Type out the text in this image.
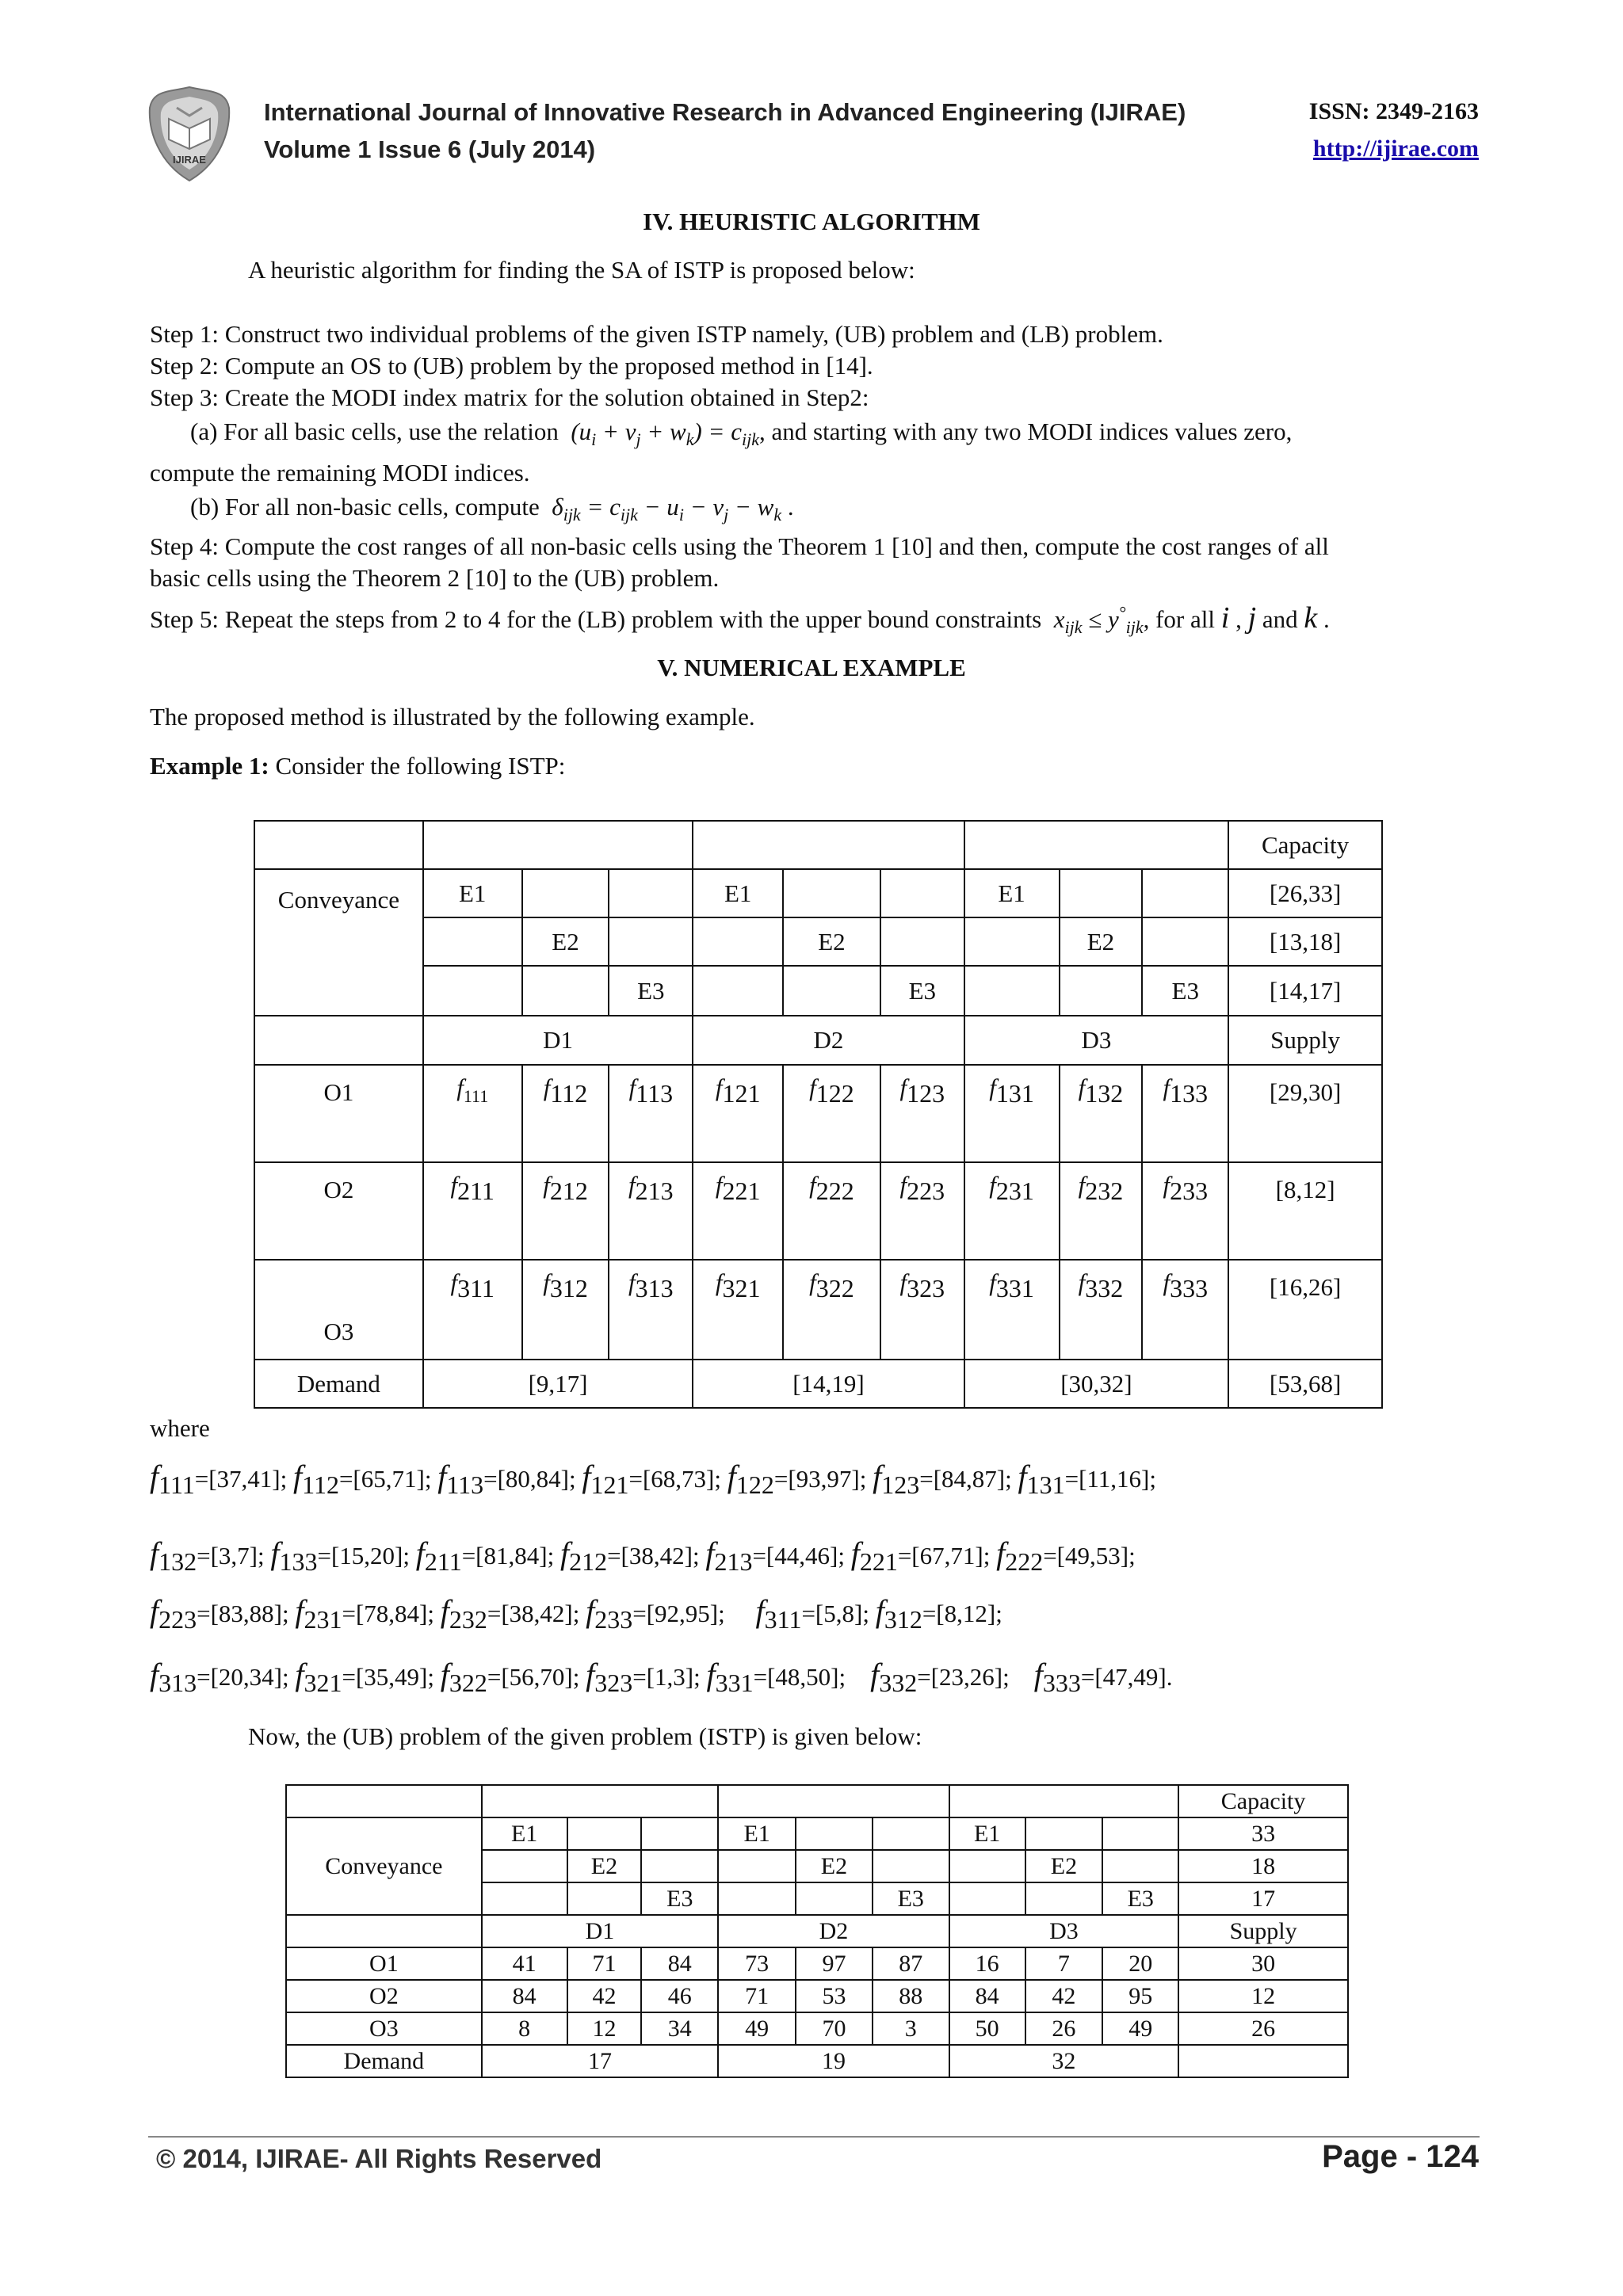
IJIRAE
International Journal of Innovative Research in Advanced Engineering (IJIRAE)
Volume 1 Issue 6 (July 2014)
ISSN: 2349-2163
http://ijirae.com
IV. HEURISTIC ALGORITHM
A heuristic algorithm for finding the SA of ISTP is proposed below:
Step 1: Construct two individual problems of the given ISTP namely, (UB) problem and (LB) problem.
Step 2: Compute an OS to (UB) problem by the proposed method in [14].
Step 3: Create the MODI index matrix for the solution obtained in Step2:
(a) For all basic cells, use the relation  $(u_i + v_j + w_k) = c_{ijk}$, and starting with any two MODI indices values zero,
compute the remaining MODI indices.
(b) For all non-basic cells, compute  $\delta_{ijk} = c_{ijk} - u_i - v_j - w_k$ .
Step 4: Compute the cost ranges of all non-basic cells using the Theorem 1 [10] and then, compute the cost ranges of all
basic cells using the Theorem 2 [10] to the (UB) problem.
Step 5: Repeat the steps from 2 to 4 for the (LB) problem with the upper bound constraints  $x_{ijk} \le y^\circ_{ijk}$, for all i , j and k .
V. NUMERICAL EXAMPLE
The proposed method is illustrated by the following example.
Example 1: Consider the following ISTP:
										Capacity
Conveyance	E1			E1			E1			[26,33]
		E2			E2			E2		[13,18]
			E3			E3			E3	[14,17]
	D1			D2			D3			Supply
O1	$f_{111}$	$f_{112}$	$f_{113}$	$f_{121}$	$f_{122}$	$f_{123}$	$f_{131}$	$f_{132}$	$f_{133}$	[29,30]
O2	$f_{211}$	$f_{212}$	$f_{213}$	$f_{221}$	$f_{222}$	$f_{223}$	$f_{231}$	$f_{232}$	$f_{233}$	[8,12]
O3	$f_{311}$	$f_{312}$	$f_{313}$	$f_{321}$	$f_{322}$	$f_{323}$	$f_{331}$	$f_{332}$	$f_{333}$	[16,26]
Demand	[9,17]			[14,19]			[30,32]			[53,68]
where
$f_{111}=[37,41]$; $f_{112}=[65,71]$; $f_{113}=[80,84]$; $f_{121}=[68,73]$; $f_{122}=[93,97]$; $f_{123}=[84,87]$; $f_{131}=[11,16]$;
$f_{132}=[3,7]$; $f_{133}=[15,20]$; $f_{211}=[81,84]$; $f_{212}=[38,42]$; $f_{213}=[44,46]$; $f_{221}=[67,71]$; $f_{222}=[49,53]$;
$f_{223}=[83,88]$; $f_{231}=[78,84]$; $f_{232}=[38,42]$; $f_{233}=[92,95]$; $f_{311}=[5,8]$; $f_{312}=[8,12]$;
$f_{313}=[20,34]$; $f_{321}=[35,49]$; $f_{322}=[56,70]$; $f_{323}=[1,3]$; $f_{331}=[48,50]$; $f_{332}=[23,26]$; $f_{333}=[47,49]$.
Now, the (UB) problem of the given problem (ISTP) is given below:
										Capacity
Conveyance	E1			E1			E1			33
		E2			E2			E2		18
			E3			E3			E3	17
	D1			D2			D3			Supply
O1	41	71	84	73	97	87	16	7	20	30
O2	84	42	46	71	53	88	84	42	95	12
O3	8	12	34	49	70	3	50	26	49	26
Demand	17			19			32			
© 2014, IJIRAE- All Rights Reserved	Page - 124
